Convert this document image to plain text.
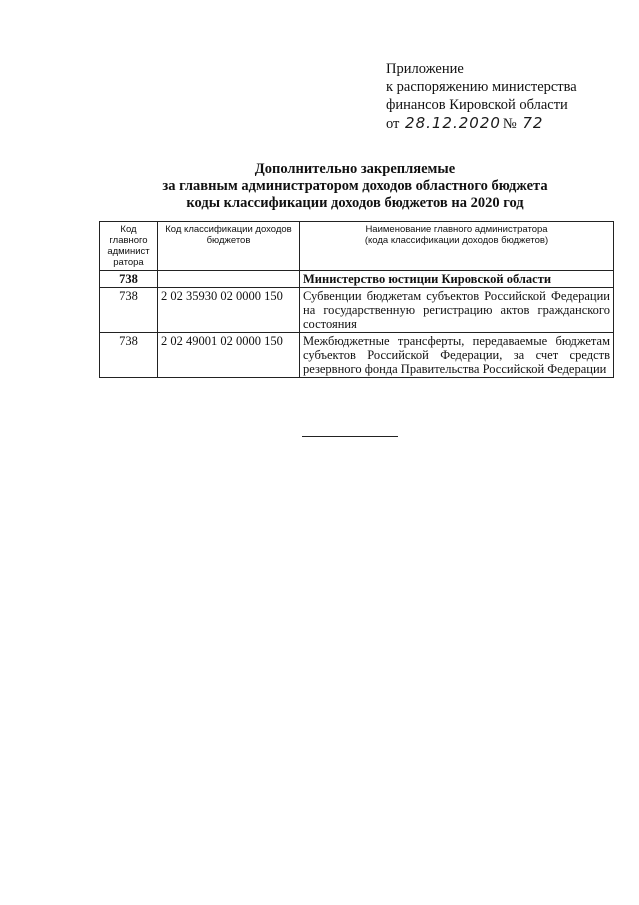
Приложение
к распоряжению министерства
финансов Кировской области
от 28.12.2020 № 72
Дополнительно закрепляемые
за главным администратором доходов областного бюджета
коды классификации доходов бюджетов на 2020 год
Код главного админист ратора	Код классификации доходов бюджетов	Наименование главного администратора
(кода классификации доходов бюджетов)

738		Министерство юстиции Кировской области
738	2 02 35930 02 0000 150	Субвенции бюджетам субъектов Российской Федерации на государственную регистрацию актов гражданского состояния
738	2 02 49001 02 0000 150	Межбюджетные трансферты, передаваемые бюджетам субъектов Российской Федерации, за счет средств резервного фонда Правительства Российской Федерации
